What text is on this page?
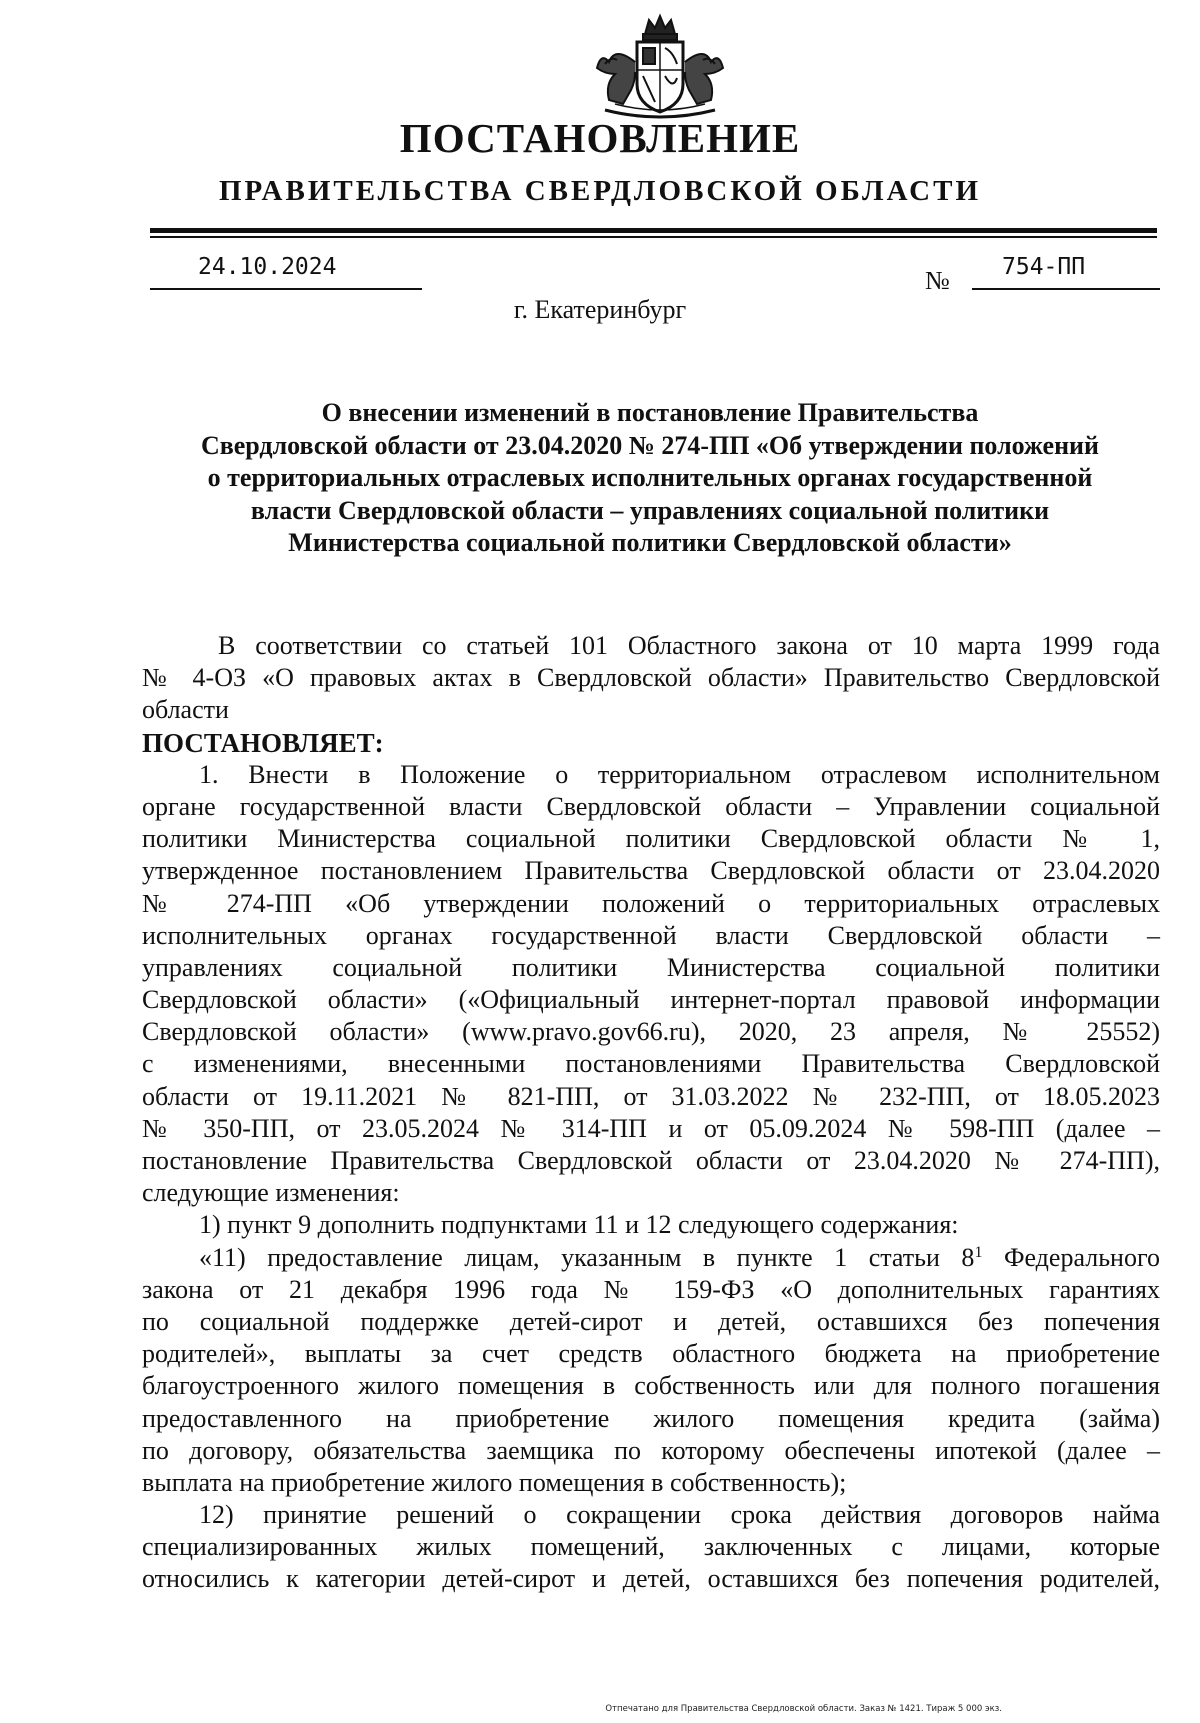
ПОСТАНОВЛЕНИЕ
ПРАВИТЕЛЬСТВА СВЕРДЛОВСКОЙ ОБЛАСТИ
24.10.2024	№ 754-ПП
г. Екатеринбург
О внесении изменений в постановление Правительства
Свердловской области от 23.04.2020 № 274-ПП «Об утверждении положений
о территориальных отраслевых исполнительных органах государственной
власти Свердловской области – управлениях социальной политики
Министерства социальной политики Свердловской области»
В соответствии со статьей 101 Областного закона от 10 марта 1999 года
№ 4-ОЗ «О правовых актах в Свердловской области» Правительство Свердловской
области
ПОСТАНОВЛЯЕТ:
1. Внести в Положение о территориальном отраслевом исполнительном
органе государственной власти Свердловской области – Управлении социальной
политики Министерства социальной политики Свердловской области № 1,
утвержденное постановлением Правительства Свердловской области от 23.04.2020
№ 274-ПП «Об утверждении положений о территориальных отраслевых
исполнительных органах государственной власти Свердловской области –
управлениях социальной политики Министерства социальной политики
Свердловской области» («Официальный интернет-портал правовой информации
Свердловской области» (www.pravo.gov66.ru), 2020, 23 апреля, № 25552)
с изменениями, внесенными постановлениями Правительства Свердловской
области от 19.11.2021 № 821-ПП, от 31.03.2022 № 232-ПП, от 18.05.2023
№ 350-ПП, от 23.05.2024 № 314-ПП и от 05.09.2024 № 598-ПП (далее –
постановление Правительства Свердловской области от 23.04.2020 № 274-ПП),
следующие изменения:
1) пункт 9 дополнить подпунктами 11 и 12 следующего содержания:
«11) предоставление лицам, указанным в пункте 1 статьи $8^1$ Федерального
закона от 21 декабря 1996 года № 159-ФЗ «О дополнительных гарантиях
по социальной поддержке детей-сирот и детей, оставшихся без попечения
родителей», выплаты за счет средств областного бюджета на приобретение
благоустроенного жилого помещения в собственность или для полного погашения
предоставленного на приобретение жилого помещения кредита (займа)
по договору, обязательства заемщика по которому обеспечены ипотекой (далее –
выплата на приобретение жилого помещения в собственность);
12) принятие решений о сокращении срока действия договоров найма
специализированных жилых помещений, заключенных с лицами, которые
относились к категории детей-сирот и детей, оставшихся без попечения родителей,
Отпечатано для Правительства Свердловской области. Заказ № 1421. Тираж 5 000 экз.
